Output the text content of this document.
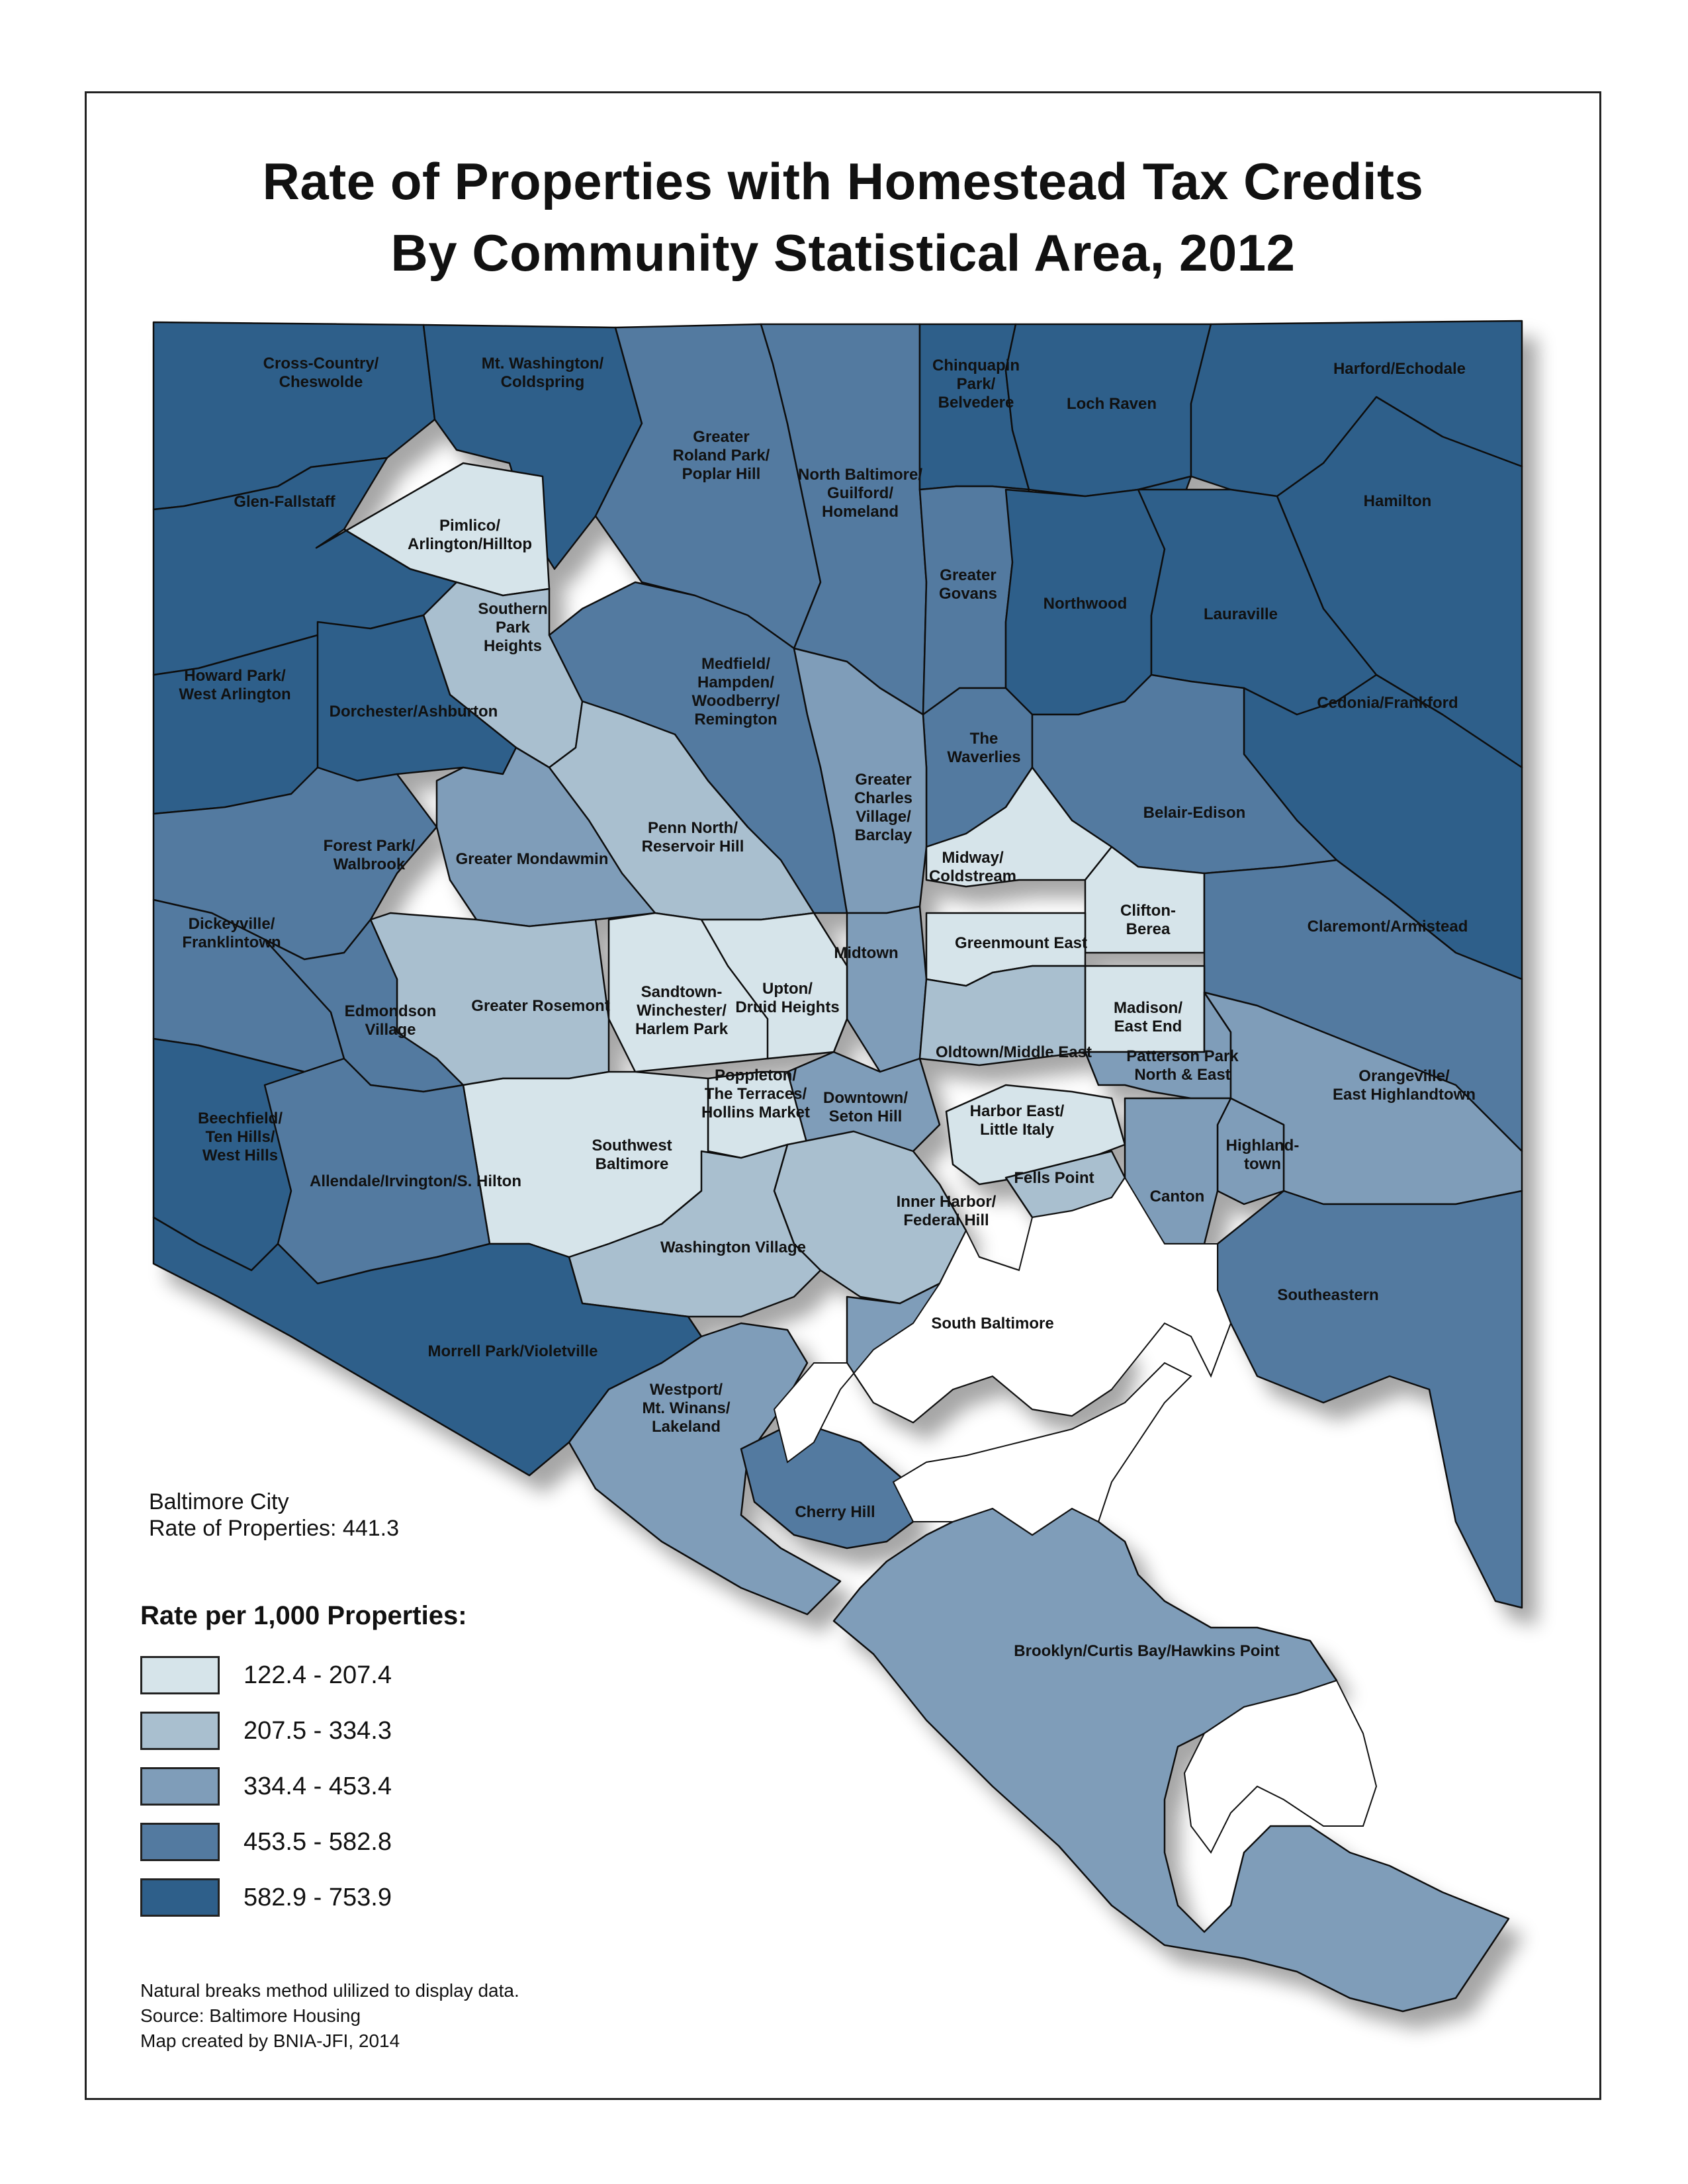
Rate of Properties with Homestead Tax Credits
By Community Statistical Area, 2012
Cross-Country/ Cheswolde
Mt. Washington/ Coldspring
Greater Roland Park/ Poplar Hill	North Baltimore/ Guilford/ Homeland
Chinquapin Park/ Belvedere	Loch Raven
Harford/Echodale
Glen-Fallstaff
Pimlico/ Arlington/Hilltop
Hamilton
Southern Park Heights
Greater Govans
Northwood
Lauraville
Howard Park/ West Arlington
Medfield/ Hampden/ Woodberry/ Remington
Dorchester/Ashburton	Cedonia/Frankford
The Waverlies
Greater Charles Village/ Barclay
Belair-Edison
Penn North/ Reservoir Hill
Forest Park/ Walbrook	Greater Mondawmin	Midway/ Coldstream
Clifton-Berea
Dickeyville/ Franklintown	Greenmount East
Claremont/Armistead
Midtown
Sandtown-Winchester/ Harlem Park
Upton/ Druid Heights
Greater Rosemont
Edmondson Village
Madison/ East End
Oldtown/Middle East Patterson Park North & East	Orangeville/ East Highlandtown
Beechfield/ Ten Hills/ West Hills
Poppleton/ The Terraces/ Hollins Market
Downtown/ Seton Hill	Harbor East/ Little Italy
Southwest Baltimore
Allendale/Irvington/S. Hilton
Highland-town
Fells Point
Canton
Inner Harbor/ Federal Hill
Washington Village
Southeastern
South Baltimore
Morrell Park/Violetville
Westport/ Mt. Winans/ Lakeland
Cherry Hill
Brooklyn/Curtis Bay/Hawkins Point
Baltimore City
Rate of Properties: 441.3
Rate per 1,000 Properties:
122.4 - 207.4
207.5 - 334.3
334.4 - 453.4
453.5 - 582.8
582.9 - 753.9
Natural breaks method ulilized to display data.
Source: Baltimore Housing
Map created by BNIA-JFI, 2014
